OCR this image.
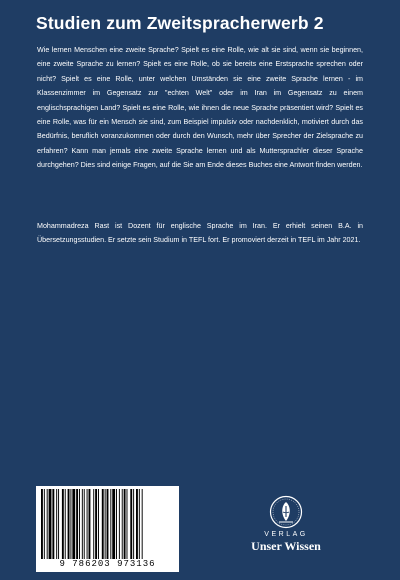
Studien zum Zweitspracherwerb 2

Wie lernen Menschen eine zweite Sprache? Spielt es eine Rolle, wie alt sie sind, wenn sie beginnen, eine zweite Sprache zu lernen? Spielt es eine Rolle, ob sie bereits eine Erstsprache sprechen oder nicht? Spielt es eine Rolle, unter welchen Umständen sie eine zweite Sprache lernen - im Klassenzimmer im Gegensatz zur "echten Welt" oder im Iran im Gegensatz zu einem englischsprachigen Land? Spielt es eine Rolle, wie ihnen die neue Sprache präsentiert wird? Spielt es eine Rolle, was für ein Mensch sie sind, zum Beispiel impulsiv oder nachdenklich, motiviert durch das Bedürfnis, beruflich voranzukommen oder durch den Wunsch, mehr über Sprecher der Zielsprache zu erfahren? Kann man jemals eine zweite Sprache lernen und als Muttersprachler dieser Sprache durchgehen? Dies sind einige Fragen, auf die Sie am Ende dieses Buches eine Antwort finden werden.

Mohammadreza Rast ist Dozent für englische Sprache im Iran. Er erhielt seinen B.A. in Übersetzungsstudien. Er setzte sein Studium in TEFL fort. Er promoviert derzeit in TEFL im Jahr 2021.

9 786203 973136
VERLAG
Unser Wissen
